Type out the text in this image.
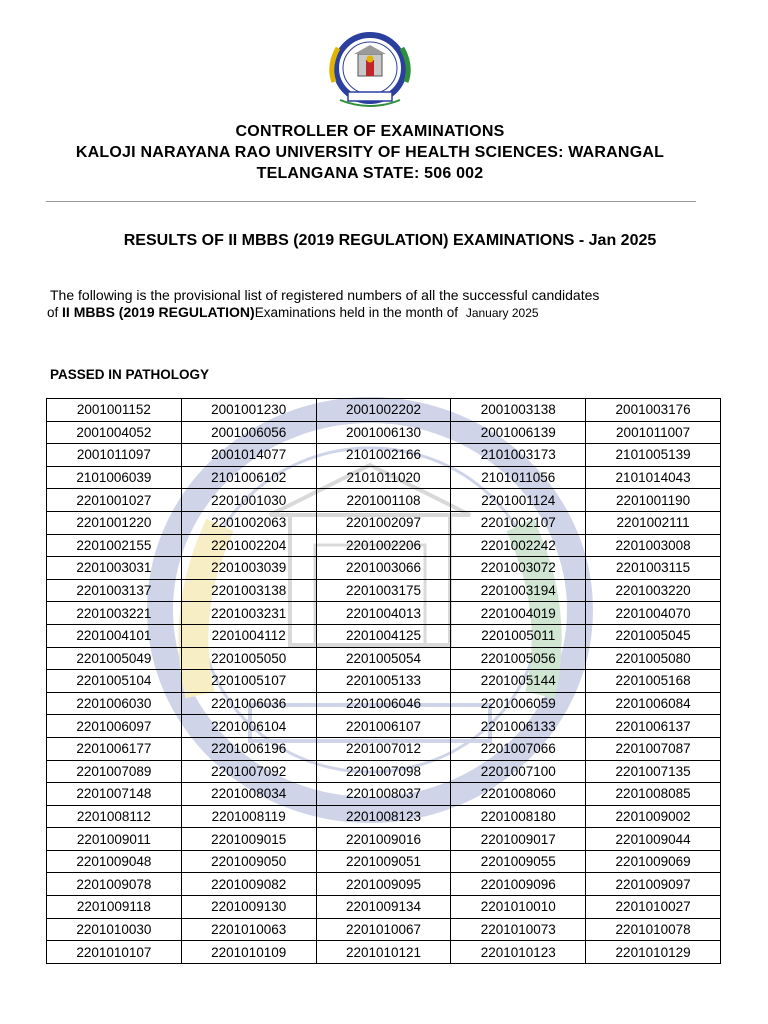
CONTROLLER OF EXAMINATIONS
KALOJI NARAYANA RAO UNIVERSITY OF HEALTH SCIENCES: WARANGAL
TELANGANA STATE: 506 002
RESULTS OF II MBBS (2019 REGULATION) EXAMINATIONS - Jan 2025
The following is the provisional list of registered numbers of all the successful candidates
of II MBBS (2019 REGULATION)Examinations held in the month of January 2025
PASSED IN PATHOLOGY
2001001152	2001001230	2001002202	2001003138	2001003176
2001004052	2001006056	2001006130	2001006139	2001011007
2001011097	2001014077	2101002166	2101003173	2101005139
2101006039	2101006102	2101011020	2101011056	2101014043
2201001027	2201001030	2201001108	2201001124	2201001190
2201001220	2201002063	2201002097	2201002107	2201002111
2201002155	2201002204	2201002206	2201002242	2201003008
2201003031	2201003039	2201003066	2201003072	2201003115
2201003137	2201003138	2201003175	2201003194	2201003220
2201003221	2201003231	2201004013	2201004019	2201004070
2201004101	2201004112	2201004125	2201005011	2201005045
2201005049	2201005050	2201005054	2201005056	2201005080
2201005104	2201005107	2201005133	2201005144	2201005168
2201006030	2201006036	2201006046	2201006059	2201006084
2201006097	2201006104	2201006107	2201006133	2201006137
2201006177	2201006196	2201007012	2201007066	2201007087
2201007089	2201007092	2201007098	2201007100	2201007135
2201007148	2201008034	2201008037	2201008060	2201008085
2201008112	2201008119	2201008123	2201008180	2201009002
2201009011	2201009015	2201009016	2201009017	2201009044
2201009048	2201009050	2201009051	2201009055	2201009069
2201009078	2201009082	2201009095	2201009096	2201009097
2201009118	2201009130	2201009134	2201010010	2201010027
2201010030	2201010063	2201010067	2201010073	2201010078
2201010107	2201010109	2201010121	2201010123	2201010129
